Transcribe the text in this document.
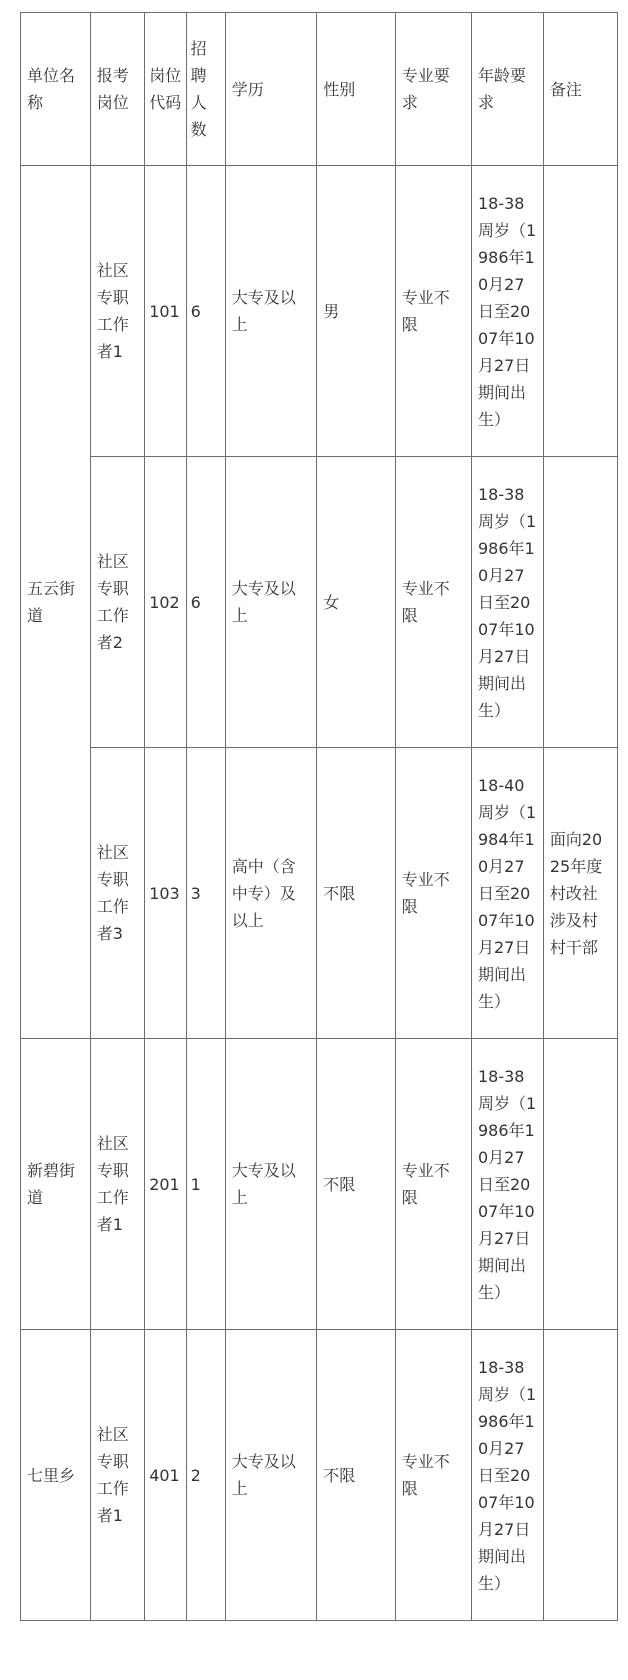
单位名称	报考岗位	岗位代码	招聘人数	学历	性别	专业要求	年龄要求	备注
五云街道	社区专职工作者1	101	6	大专及以上	男	专业不限	18-38周岁（1986年10月27日至2007年10月27日期间出生）	
	社区专职工作者2	102	6	大专及以上	女	专业不限	18-38周岁（1986年10月27日至2007年10月27日期间出生）	
	社区专职工作者3	103	3	高中（含中专）及以上	不限	专业不限	18-40周岁（1984年10月27日至2007年10月27日期间出生）	面向2025年度村改社涉及村村干部
新碧街道	社区专职工作者1	201	1	大专及以上	不限	专业不限	18-38周岁（1986年10月27日至2007年10月27日期间出生）	
七里乡	社区专职工作者1	401	2	大专及以上	不限	专业不限	18-38周岁（1986年10月27日至2007年10月27日期间出生）	
